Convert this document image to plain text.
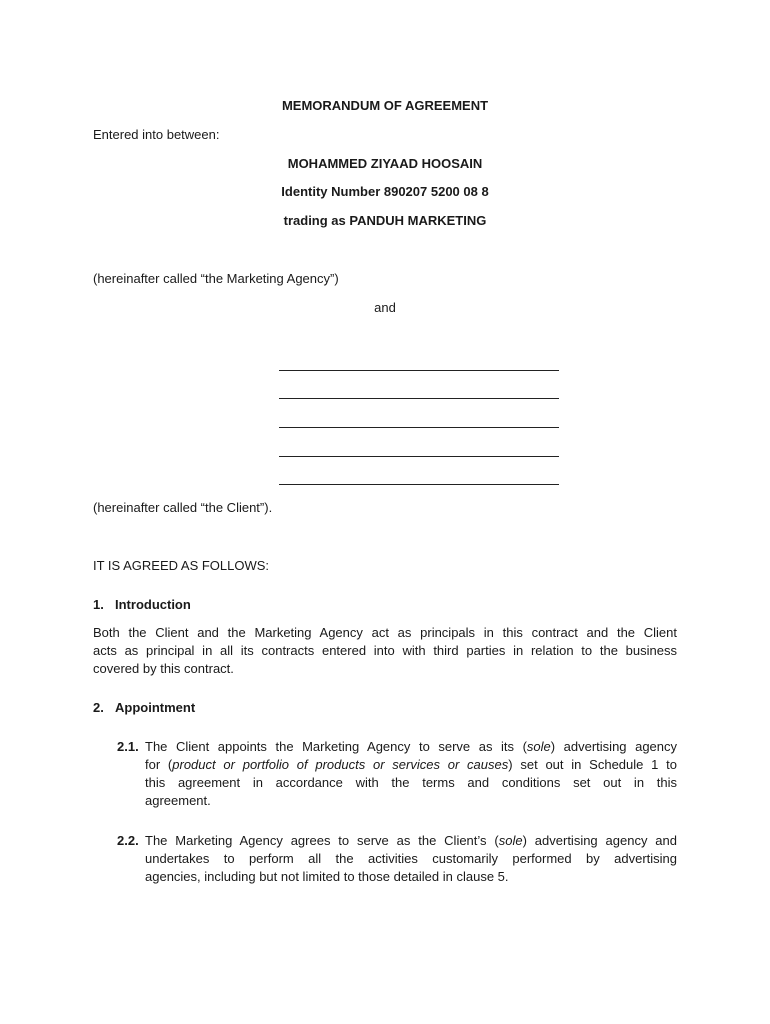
MEMORANDUM OF AGREEMENT
Entered into between:
MOHAMMED ZIYAAD HOOSAIN
Identity Number 890207 5200 08 8
trading as PANDUH MARKETING
(hereinafter called “the Marketing Agency”)
and
(hereinafter called “the Client”).
IT IS AGREED AS FOLLOWS:
1. Introduction
Both the Client and the Marketing Agency act as principals in this contract and the Client
acts as principal in all its contracts entered into with third parties in relation to the business
covered by this contract.
2. Appointment
2.1. The Client appoints the Marketing Agency to serve as its (sole) advertising agency
for (product or portfolio of products or services or causes) set out in Schedule 1 to
this agreement in accordance with the terms and conditions set out in this
agreement.
2.2. The Marketing Agency agrees to serve as the Client’s (sole) advertising agency and
undertakes to perform all the activities customarily performed by advertising
agencies, including but not limited to those detailed in clause 5.
